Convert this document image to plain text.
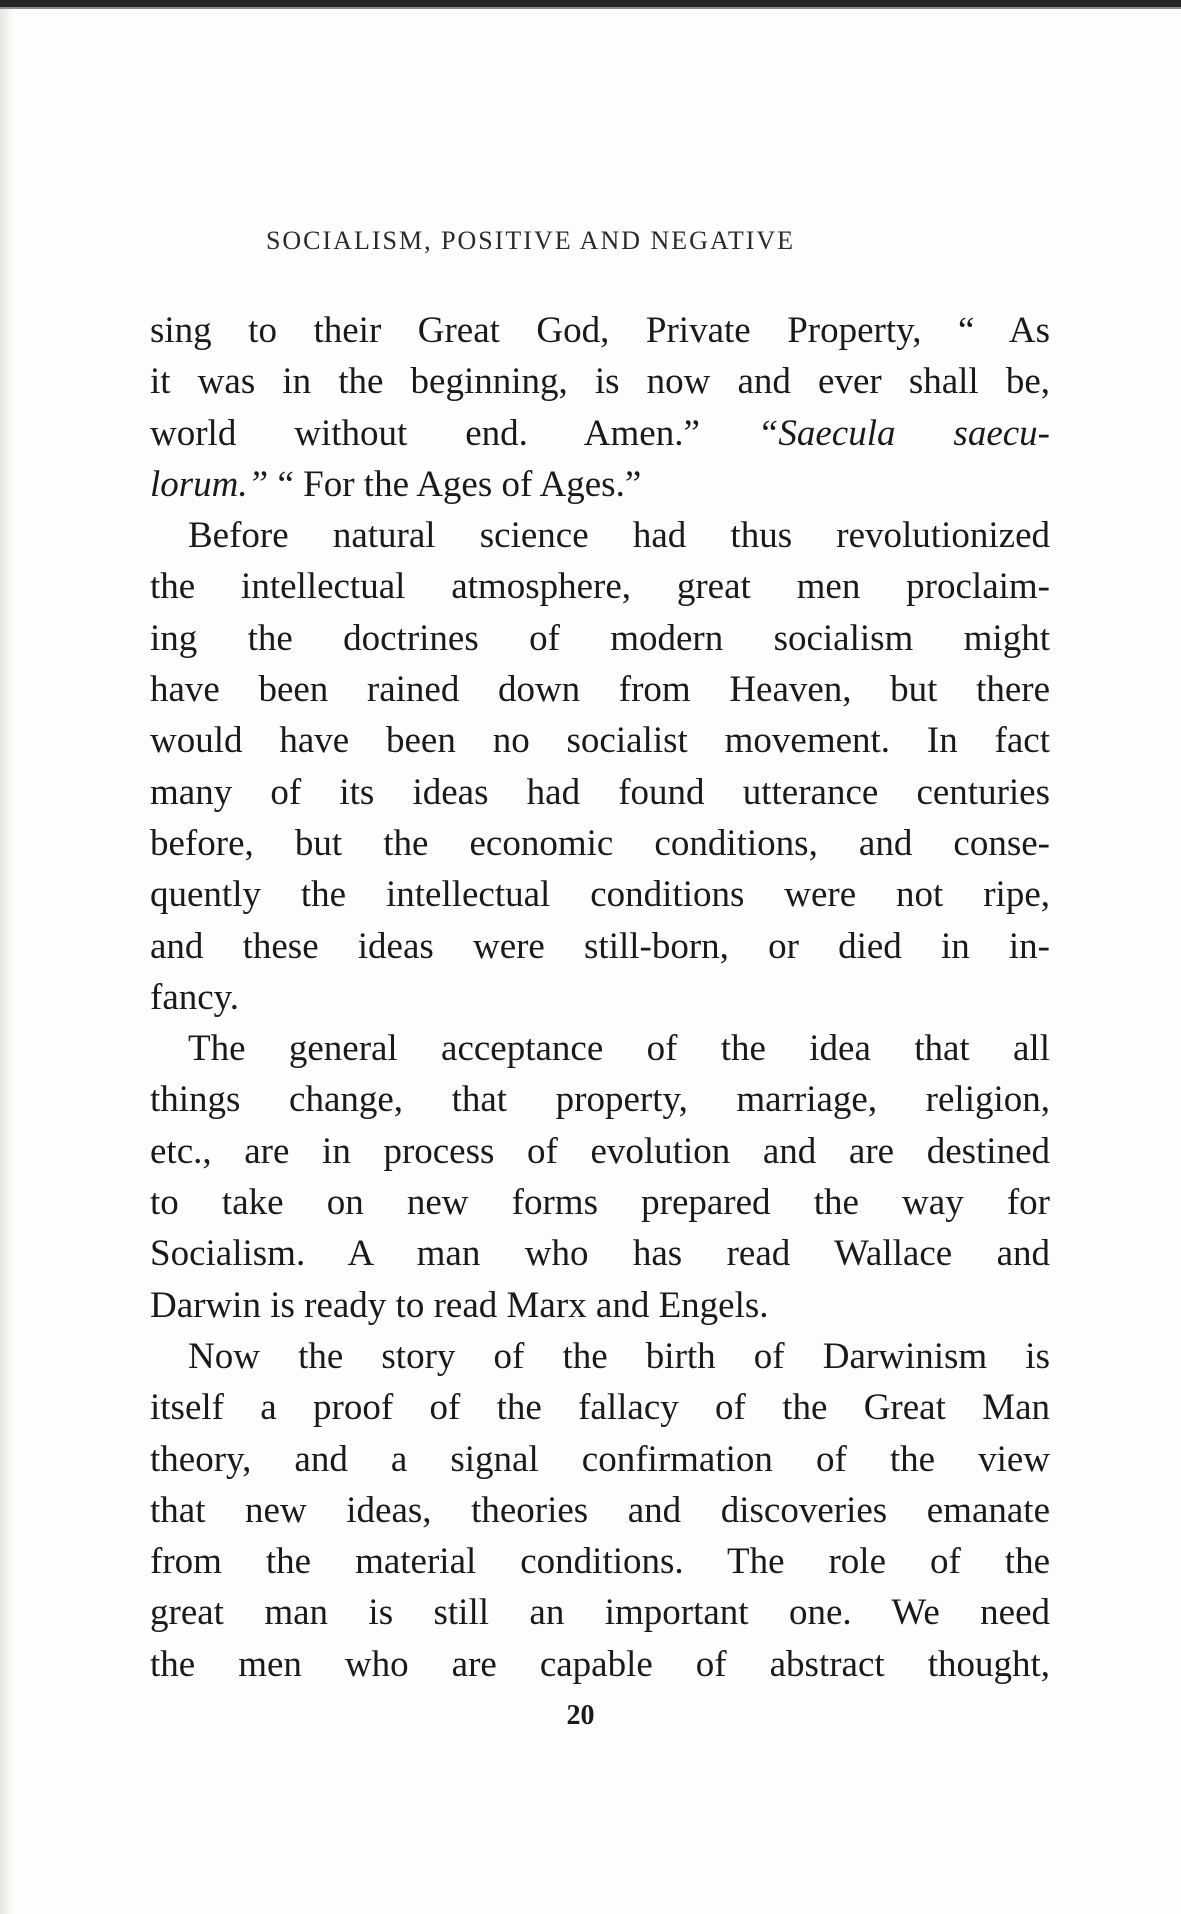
SOCIALISM, POSITIVE AND NEGATIVE
sing to their Great God, Private Property, “ As
it was in the beginning, is now and ever shall be,
world without end. Amen.” “Saecula saecu-
lorum.” “ For the Ages of Ages.”
Before natural science had thus revolutionized
the intellectual atmosphere, great men proclaim-
ing the doctrines of modern socialism might
have been rained down from Heaven, but there
would have been no socialist movement. In fact
many of its ideas had found utterance centuries
before, but the economic conditions, and conse-
quently the intellectual conditions were not ripe,
and these ideas were still-born, or died in in-
fancy.
The general acceptance of the idea that all
things change, that property, marriage, religion,
etc., are in process of evolution and are destined
to take on new forms prepared the way for
Socialism. A man who has read Wallace and
Darwin is ready to read Marx and Engels.
Now the story of the birth of Darwinism is
itself a proof of the fallacy of the Great Man
theory, and a signal confirmation of the view
that new ideas, theories and discoveries emanate
from the material conditions. The role of the
great man is still an important one. We need
the men who are capable of abstract thought,
20
